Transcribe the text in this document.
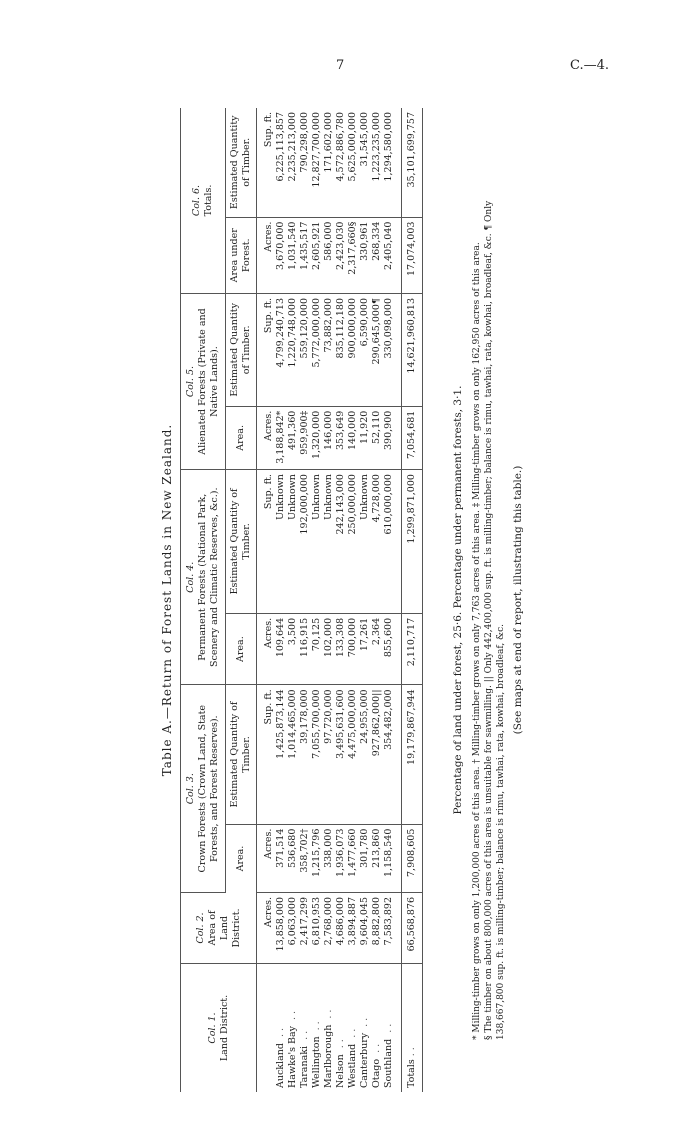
7	C.—4.
Table A.—Return of Forest Lands in New Zealand.
Col. 1. Land District.	Col. 2. Area of Land District.	Col. 3. Crown Forests (Crown Land, State Forests, and Forest Reserves).		Col. 4. Permanent Forests (National Park, Scenery and Climatic Reserves, &c.).		Col. 5. Alienated Forests (Private and Native Lands).		Col. 6. Totals.	
		Area.	Estimated Quantity of Timber.	Area.	Estimated Quantity of Timber.	Area.	Estimated Quantity of Timber.	Area under Forest.	Estimated Quantity of Timber.
	Acres.	Acres.	Sup. ft.	Acres.	Sup. ft.	Acres.	Sup. ft.	Acres.	Sup. ft.
Auckland ..	13,858,000	371,514	1,425,873,144	109,644	Unknown	3,188,842*	4,799,240,713	3,670,000	6,225,113,857
Hawke's Bay ..	6,063,000	536,680	1,014,465,000	3,500	Unknown	491,360	1,220,748,000	1,031,540	2,235,213,000
Taranaki ..	2,417,299	358,702†	39,178,000	116,915	192,000,000	959,900‡	559,120,000	1,435,517	790,298,000
Wellington ..	6,810,953	1,215,796	7,055,700,000	70,125	Unknown	1,320,000	5,772,000,000	2,605,921	12,827,700,000
Marlborough ..	2,768,000	338,000	97,720,000	102,000	Unknown	146,000	73,882,000	586,000	171,602,000
Nelson ..	4,686,000	1,936,073	3,495,631,600	133,308	242,143,000	353,649	835,112,180	2,423,030	4,572,886,780
Westland ..	3,894,887	1,477,660	4,475,000,000	700,000	250,000,000	140,000	900,000,000	2,317,660§	5,625,000,000
Canterbury ..	9,604,045	301,780	24,955,000	17,261	Unknown	11,920	6,590,000	330,961	31,545,000
Otago ..	8,882,800	213,860	927,862,000||	2,364	4,728,000	52,110	290,645,000¶	268,334	1,223,235,000
Southland ..	7,583,892	1,158,540	354,482,000	855,600	610,000,000	390,900	330,098,000	2,405,040	1,294,580,000
Totals ..	66,568,876	7,908,605	19,179,867,944	2,110,717	1,299,871,000	7,054,681	14,621,960,813	17,074,003	35,101,699,757
Percentage of land under forest, 25·6. Percentage under permanent forests, 3·1. * Milling-timber grows on only 1,200,000 acres of this area. † Milling-timber grows on only 7,763 acres of this area. ‡ Milling-timber grows on only 162,950 acres of this area. § The timber on about 800,000 acres of this area is unsuitable for sawmilling. || Only 442,400,000 sup. ft. is milling-timber; balance is rimu, tawhai, rata, kowhai, broadleaf, &c. ¶ Only 138,667,800 sup. ft. is milling-timber; balance is rimu, tawhai, rata, kowhai, broadleaf, &c.
(See maps at end of report, illustrating this table.)
